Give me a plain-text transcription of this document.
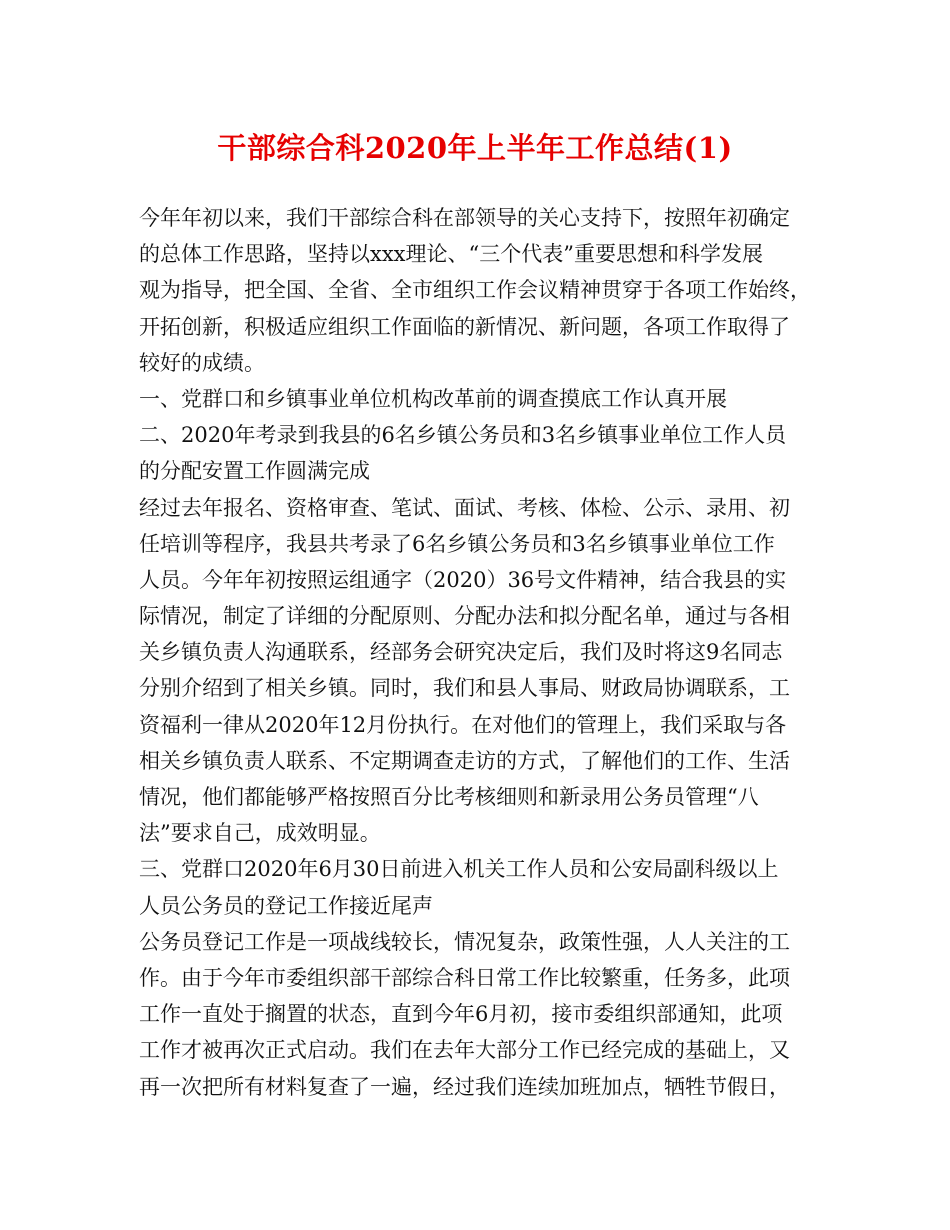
干部综合科2020年上半年工作总结(1)
今年年初以来，我们干部综合科在部领导的关心支持下，按照年初确定
的总体工作思路，坚持以xxx理论、“三个代表”重要思想和科学发展
观为指导，把全国、全省、全市组织工作会议精神贯穿于各项工作始终，
开拓创新，积极适应组织工作面临的新情况、新问题，各项工作取得了
较好的成绩。
一、党群口和乡镇事业单位机构改革前的调查摸底工作认真开展
二、2020年考录到我县的6名乡镇公务员和3名乡镇事业单位工作人员
的分配安置工作圆满完成
经过去年报名、资格审查、笔试、面试、考核、体检、公示、录用、初
任培训等程序，我县共考录了6名乡镇公务员和3名乡镇事业单位工作
人员。今年年初按照运组通字（2020）36号文件精神，结合我县的实
际情况，制定了详细的分配原则、分配办法和拟分配名单，通过与各相
关乡镇负责人沟通联系，经部务会研究决定后，我们及时将这9名同志
分别介绍到了相关乡镇。同时，我们和县人事局、财政局协调联系，工
资福利一律从2020年12月份执行。在对他们的管理上，我们采取与各
相关乡镇负责人联系、不定期调查走访的方式，了解他们的工作、生活
情况，他们都能够严格按照百分比考核细则和新录用公务员管理“八
法”要求自己，成效明显。
三、党群口2020年6月30日前进入机关工作人员和公安局副科级以上
人员公务员的登记工作接近尾声
公务员登记工作是一项战线较长，情况复杂，政策性强，人人关注的工
作。由于今年市委组织部干部综合科日常工作比较繁重，任务多，此项
工作一直处于搁置的状态，直到今年6月初，接市委组织部通知，此项
工作才被再次正式启动。我们在去年大部分工作已经完成的基础上，又
再一次把所有材料复查了一遍，经过我们连续加班加点，牺牲节假日，
